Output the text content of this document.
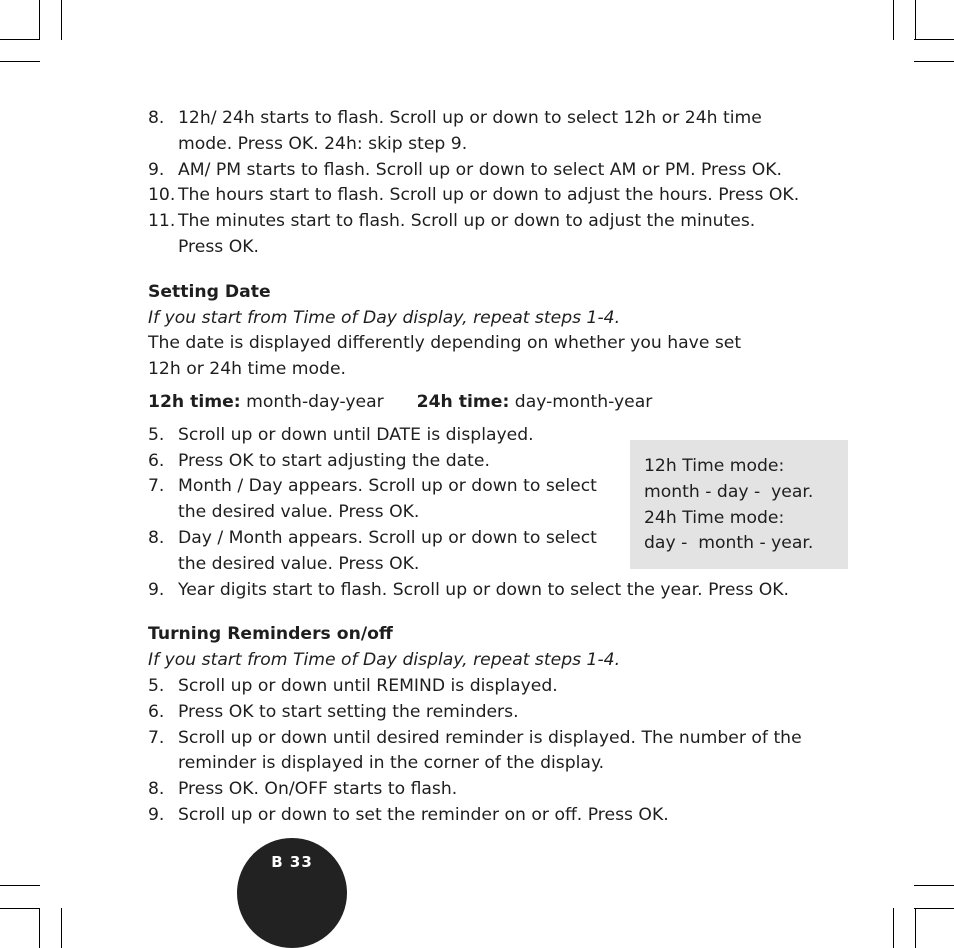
8. 12h/ 24h starts to flash. Scroll up or down to select 12h or 24h time mode. Press OK. 24h: skip step 9.
9. AM/ PM starts to flash. Scroll up or down to select AM or PM. Press OK.
10. The hours start to flash. Scroll up or down to adjust the hours. Press OK.
11. The minutes start to flash. Scroll up or down to adjust the minutes. Press OK.
Setting Date
If you start from Time of Day display, repeat steps 1-4.
The date is displayed differently depending on whether you have set
12h or 24h time mode.
12h time: month-day-year 24h time: day-month-year
5. Scroll up or down until DATE is displayed.
6. Press OK to start adjusting the date.
7. Month / Day appears. Scroll up or down to select the desired value. Press OK.
8. Day / Month appears. Scroll up or down to select the desired value. Press OK.
9. Year digits start to flash. Scroll up or down to select the year. Press OK.
Turning Reminders on/off
If you start from Time of Day display, repeat steps 1-4.
5. Scroll up or down until REMIND is displayed.
6. Press OK to start setting the reminders.
7. Scroll up or down until desired reminder is displayed. The number of the reminder is displayed in the corner of the display.
8. Press OK. On/OFF starts to flash.
9. Scroll up or down to set the reminder on or off. Press OK.
12h Time mode:
month - day -  year.
24h Time mode:
day -  month - year.
B 33
